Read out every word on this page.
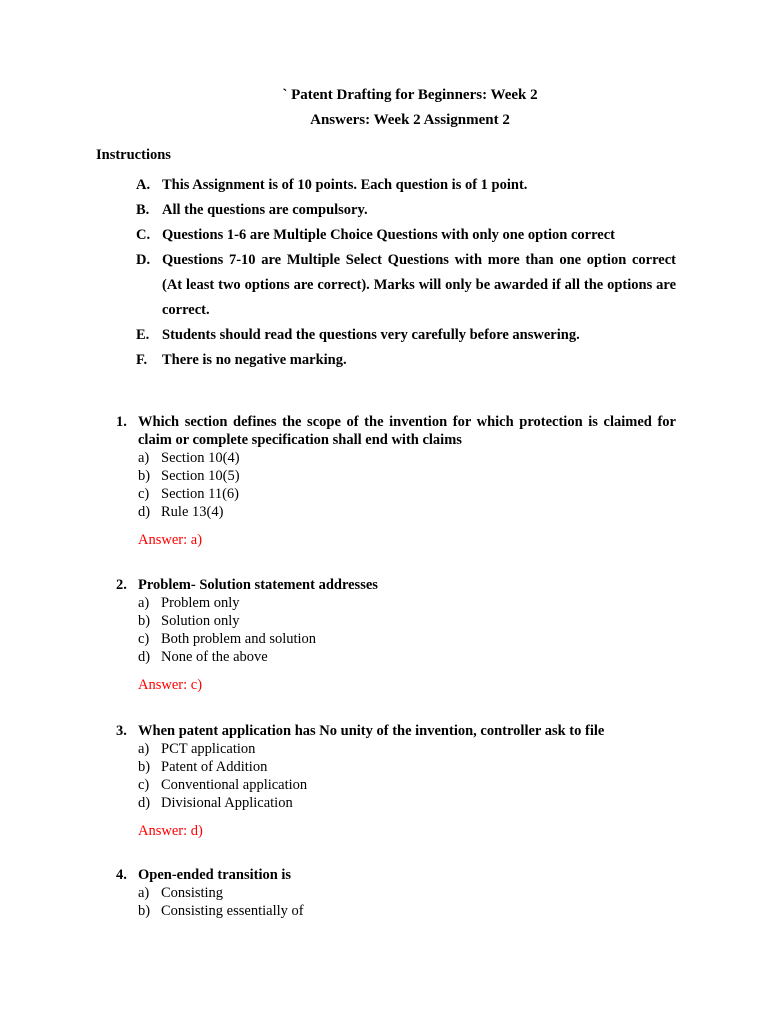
` Patent Drafting for Beginners: Week 2
Answers: Week 2 Assignment 2
Instructions
A. This Assignment is of 10 points. Each question is of 1 point.
B. All the questions are compulsory.
C. Questions 1-6 are Multiple Choice Questions with only one option correct
D. Questions 7-10 are Multiple Select Questions with more than one option correct (At least two options are correct). Marks will only be awarded if all the options are correct.
E. Students should read the questions very carefully before answering.
F.	There is no negative marking.
1. Which section defines the scope of the invention for which protection is claimed for claim or complete specification shall end with claims
a) Section 10(4)
b) Section 10(5)
c) Section 11(6)
d) Rule 13(4)
Answer: a)
2. Problem- Solution statement addresses
a) Problem only
b) Solution only
c) Both problem and solution
d) None of the above
Answer: c)
3. When patent application has No unity of the invention, controller ask to file
a) PCT application
b) Patent of Addition
c) Conventional application
d) Divisional Application
Answer: d)
4. Open-ended transition is
a) Consisting
b) Consisting essentially of
